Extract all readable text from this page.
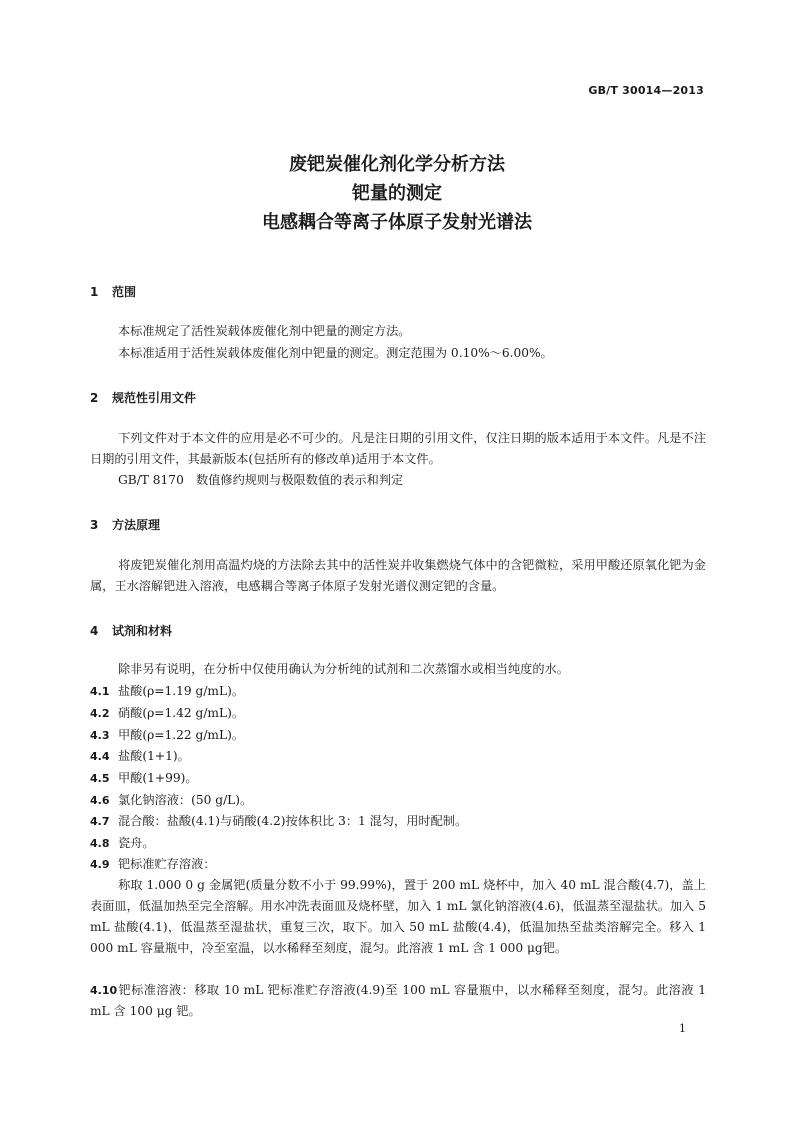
GB/T 30014—2013
废钯炭催化剂化学分析方法
钯量的测定
电感耦合等离子体原子发射光谱法
1 范围
本标准规定了活性炭载体废催化剂中钯量的测定方法。
本标准适用于活性炭载体废催化剂中钯量的测定。测定范围为 0.10%～6.00%。
2 规范性引用文件
下列文件对于本文件的应用是必不可少的。凡是注日期的引用文件，仅注日期的版本适用于本文件。凡是不注日期的引用文件，其最新版本(包括所有的修改单)适用于本文件。
GB/T 8170　数值修约规则与极限数值的表示和判定
3 方法原理
将废钯炭催化剂用高温灼烧的方法除去其中的活性炭并收集燃烧气体中的含钯微粒，采用甲酸还原氧化钯为金属，王水溶解钯进入溶液，电感耦合等离子体原子发射光谱仪测定钯的含量。
4 试剂和材料
除非另有说明，在分析中仅使用确认为分析纯的试剂和二次蒸馏水或相当纯度的水。
4.1 盐酸(ρ=1.19 g/mL)。
4.2 硝酸(ρ=1.42 g/mL)。
4.3 甲酸(ρ=1.22 g/mL)。
4.4 盐酸(1+1)。
4.5 甲酸(1+99)。
4.6 氯化钠溶液：(50 g/L)。
4.7 混合酸：盐酸(4.1)与硝酸(4.2)按体积比 3：1 混匀，用时配制。
4.8 瓷舟。
4.9 钯标准贮存溶液：
称取 1.000 0 g 金属钯(质量分数不小于 99.99%)，置于 200 mL 烧杯中，加入 40 mL 混合酸(4.7)，盖上表面皿，低温加热至完全溶解。用水冲洗表面皿及烧杯壁，加入 1 mL 氯化钠溶液(4.6)，低温蒸至湿盐状。加入 5 mL 盐酸(4.1)，低温蒸至湿盐状，重复三次，取下。加入 50 mL 盐酸(4.4)，低温加热至盐类溶解完全。移入 1 000 mL 容量瓶中，冷至室温，以水稀释至刻度，混匀。此溶液 1 mL 含 1 000 μg钯。
4.10钯标准溶液：移取 10 mL 钯标准贮存溶液(4.9)至 100 mL 容量瓶中，以水稀释至刻度，混匀。此溶液 1 mL 含 100 μg 钯。
1
